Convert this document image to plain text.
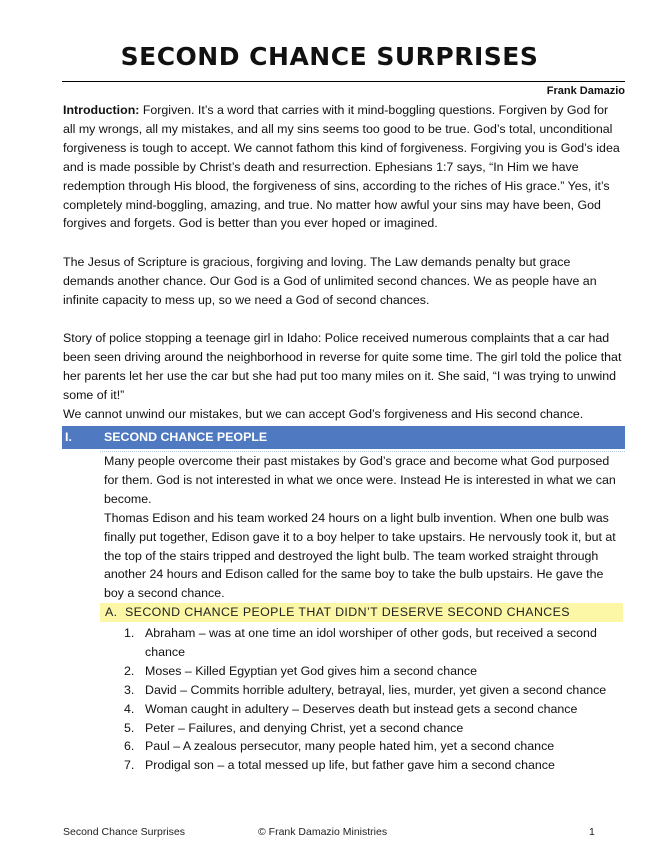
SECOND CHANCE SURPRISES
Frank Damazio
Introduction: Forgiven. It’s a word that carries with it mind-boggling questions. Forgiven by God for all my wrongs, all my mistakes, and all my sins seems too good to be true. God’s total, unconditional forgiveness is tough to accept. We cannot fathom this kind of forgiveness. Forgiving you is God’s idea and is made possible by Christ’s death and resurrection. Ephesians 1:7 says, “In Him we have redemption through His blood, the forgiveness of sins, according to the riches of His grace.” Yes, it’s completely mind-boggling, amazing, and true. No matter how awful your sins may have been, God forgives and forgets. God is better than you ever hoped or imagined.
The Jesus of Scripture is gracious, forgiving and loving. The Law demands penalty but grace demands another chance. Our God is a God of unlimited second chances. We as people have an infinite capacity to mess up, so we need a God of second chances.
Story of police stopping a teenage girl in Idaho: Police received numerous complaints that a car had been seen driving around the neighborhood in reverse for quite some time. The girl told the police that her parents let her use the car but she had put too many miles on it. She said, “I was trying to unwind some of it!”
We cannot unwind our mistakes, but we can accept God’s forgiveness and His second chance.
I.	SECOND CHANCE PEOPLE
Many people overcome their past mistakes by God’s grace and become what God purposed for them. God is not interested in what we once were. Instead He is interested in what we can become.
Thomas Edison and his team worked 24 hours on a light bulb invention. When one bulb was finally put together, Edison gave it to a boy helper to take upstairs. He nervously took it, but at the top of the stairs tripped and destroyed the light bulb. The team worked straight through another 24 hours and Edison called for the same boy to take the bulb upstairs. He gave the boy a second chance.
A. SECOND CHANCE PEOPLE THAT DIDN’T DESERVE SECOND CHANCES
1. Abraham – was at one time an idol worshiper of other gods, but received a second chance
2. Moses – Killed Egyptian yet God gives him a second chance
3. David – Commits horrible adultery, betrayal, lies, murder, yet given a second chance
4. Woman caught in adultery – Deserves death but instead gets a second chance
5. Peter – Failures, and denying Christ, yet a second chance
6. Paul – A zealous persecutor, many people hated him, yet a second chance
7. Prodigal son – a total messed up life, but father gave him a second chance
Second Chance Surprises	© Frank Damazio Ministries	1
